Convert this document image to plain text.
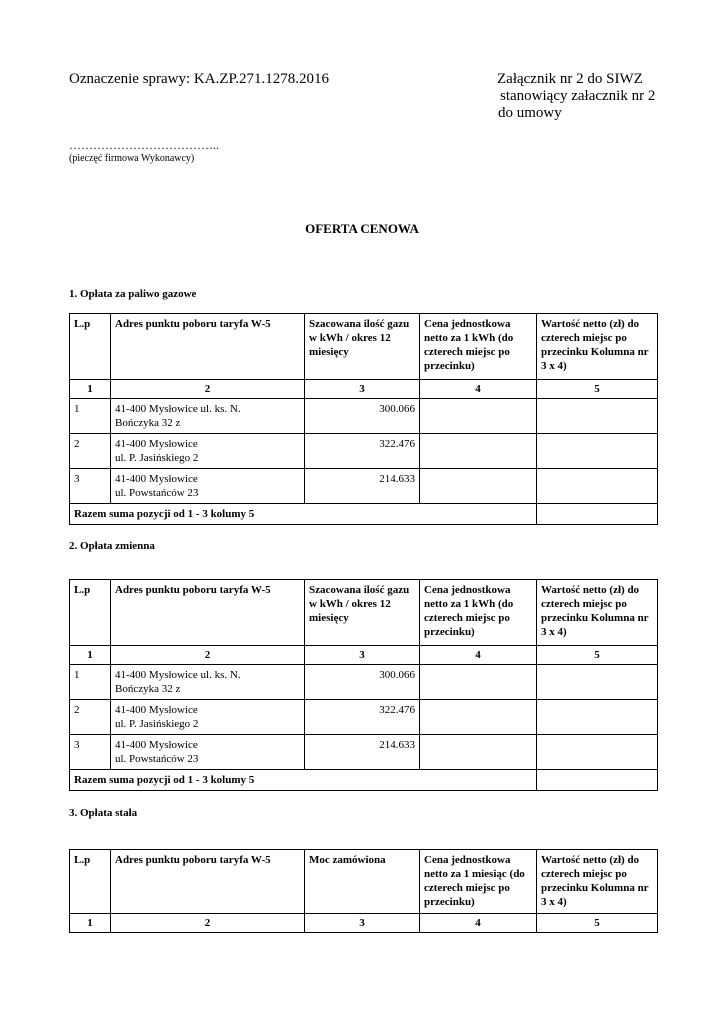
Oznaczenie sprawy: KA.ZP.271.1278.2016	Załącznik nr 2 do SIWZ
stanowiący załacznik nr 2
do umowy
………………………………..
(pieczęć firmowa Wykonawcy)
OFERTA CENOWA
1. Opłata za paliwo gazowe
L.p	Adres punktu poboru taryfa W-5	Szacowana ilość gazu w kWh / okres 12 miesięcy	Cena jednostkowa netto za 1 kWh (do czterech miejsc po przecinku)	Wartość netto (zł) do czterech miejsc po przecinku Kolumna nr 3 x 4)
1	2	3	4	5
1	41-400 Mysłowice ul. ks. N.
Bończyka 32 z	300.066		
2	41-400 Mysłowice
ul. P. Jasińskiego 2	322.476		
3	41-400 Mysłowice
ul. Powstańców 23	214.633		
Razem suma pozycji od 1 - 3 kolumy 5				
2. Opłata zmienna
L.p	Adres punktu poboru taryfa W-5	Szacowana ilość gazu w kWh / okres 12 miesięcy	Cena jednostkowa netto za 1 kWh (do czterech miejsc po przecinku)	Wartość netto (zł) do czterech miejsc po przecinku Kolumna nr 3 x 4)
1	2	3	4	5
1	41-400 Mysłowice ul. ks. N.
Bończyka 32 z	300.066		
2	41-400 Mysłowice
ul. P. Jasińskiego 2	322.476		
3	41-400 Mysłowice
ul. Powstańców 23	214.633		
Razem suma pozycji od 1 - 3 kolumy 5				
3. Opłata stała
L.p	Adres punktu poboru taryfa W-5	Moc zamówiona	Cena jednostkowa netto za 1 miesiąc (do czterech miejsc po przecinku)	Wartość netto (zł) do czterech miejsc po przecinku Kolumna nr 3 x 4)
1	2	3	4	5
